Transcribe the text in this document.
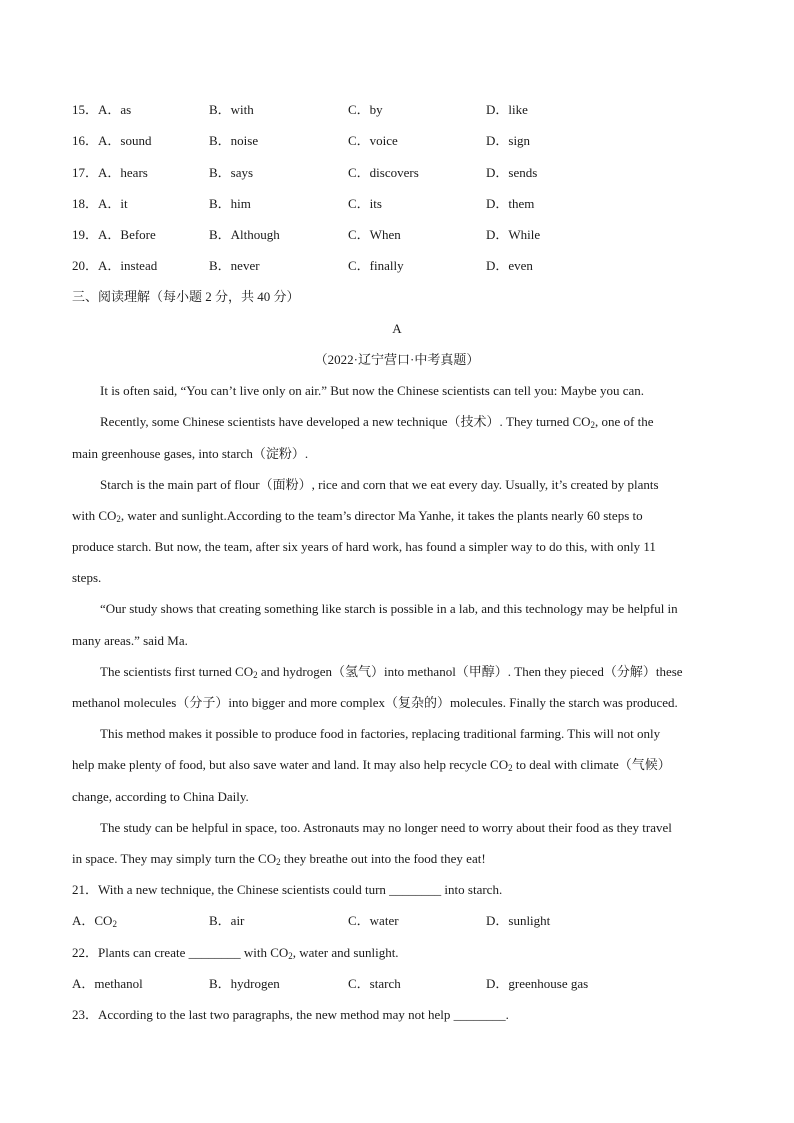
15．A．as	B．with	C．by	D．like
16．A．sound	B．noise	C．voice	D．sign
17．A．hears	B．says	C．discovers	D．sends
18．A．it	B．him	C．its	D．them
19．A．Before	B．Although	C．When	D．While
20．A．instead	B．never	C．finally	D．even
三、阅读理解（每小题 2 分，共 40 分）
A
（2022·辽宁营口·中考真题）
It is often said, “You can’t live only on air.” But now the Chinese scientists can tell you: Maybe you can.
Recently, some Chinese scientists have developed a new technique（技术）. They turned $CO_2$, one of the
main greenhouse gases, into starch（淀粉）.
Starch is the main part of flour（面粉）, rice and corn that we eat every day. Usually, it’s created by plants
with $CO_2$, water and sunlight.According to the team’s director Ma Yanhe, it takes the plants nearly 60 steps to
produce starch. But now, the team, after six years of hard work, has found a simpler way to do this, with only 11
steps.
“Our study shows that creating something like starch is possible in a lab, and this technology may be helpful in
many areas.” said Ma.
The scientists first turned $CO_2$ and hydrogen（氢气）into methanol（甲醇）. Then they pieced（分解）these
methanol molecules（分子）into bigger and more complex（复杂的）molecules. Finally the starch was produced.
This method makes it possible to produce food in factories, replacing traditional farming. This will not only
help make plenty of food, but also save water and land. It may also help recycle $CO_2$ to deal with climate（气候）
change, according to China Daily.
The study can be helpful in space, too. Astronauts may no longer need to worry about their food as they travel
in space. They may simply turn the $CO_2$ they breathe out into the food they eat!
21．With a new technique, the Chinese scientists could turn ________ into starch.
A．$CO_2$	B．air	C．water	D．sunlight
22．Plants can create ________ with $CO_2$, water and sunlight.
A．methanol	B．hydrogen	C．starch	D．greenhouse gas
23．According to the last two paragraphs, the new method may not help ________.
